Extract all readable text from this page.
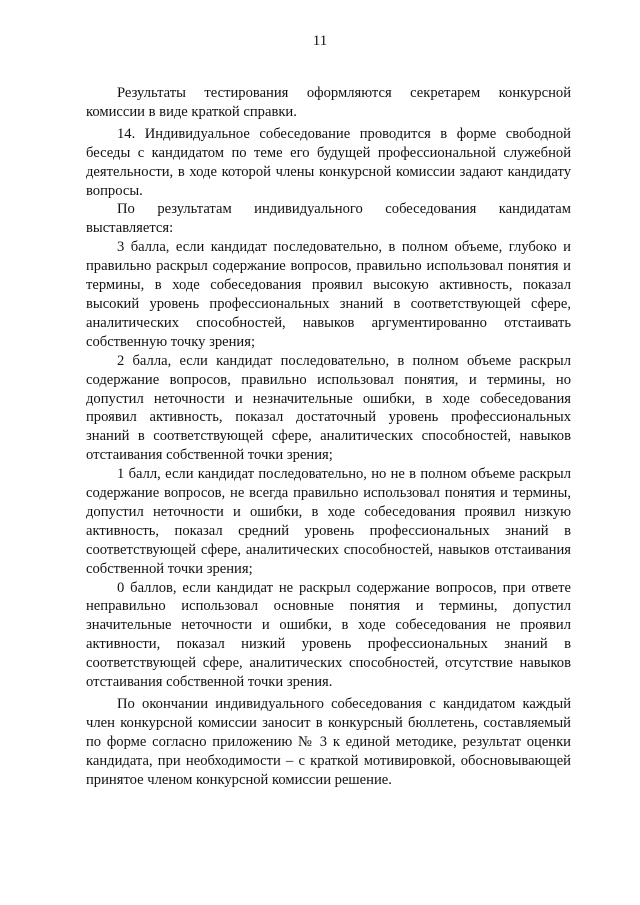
11

Результаты тестирования оформляются секретарем конкурсной комиссии в виде краткой справки.

14. Индивидуальное собеседование проводится в форме свободной беседы с кандидатом по теме его будущей профессиональной служебной деятельности, в ходе которой члены конкурсной комиссии задают кандидату вопросы.

По результатам индивидуального собеседования кандидатам выставляется:

3 балла, если кандидат последовательно, в полном объеме, глубоко и правильно раскрыл содержание вопросов, правильно использовал понятия и термины, в ходе собеседования проявил высокую активность, показал высокий уровень профессиональных знаний в соответствующей сфере, аналитических способностей, навыков аргументированно отстаивать собственную точку зрения;

2 балла, если кандидат последовательно, в полном объеме раскрыл содержание вопросов, правильно использовал понятия, и термины, но допустил неточности и незначительные ошибки, в ходе собеседования проявил активность, показал достаточный уровень профессиональных знаний в соответствующей сфере, аналитических способностей, навыков отстаивания собственной точки зрения;

1 балл, если кандидат последовательно, но не в полном объеме раскрыл содержание вопросов, не всегда правильно использовал понятия и термины, допустил неточности и ошибки, в ходе собеседования проявил низкую активность, показал средний уровень профессиональных знаний в соответствующей сфере, аналитических способностей, навыков отстаивания собственной точки зрения;

0 баллов, если кандидат не раскрыл содержание вопросов, при ответе неправильно использовал основные понятия и термины, допустил значительные неточности и ошибки, в ходе собеседования не проявил активности, показал низкий уровень профессиональных знаний в соответствующей сфере, аналитических способностей, отсутствие навыков отстаивания собственной точки зрения.

По окончании индивидуального собеседования с кандидатом каждый член конкурсной комиссии заносит в конкурсный бюллетень, составляемый по форме согласно приложению № 3 к единой методике, результат оценки кандидата, при необходимости – с краткой мотивировкой, обосновывающей принятое членом конкурсной комиссии решение.
